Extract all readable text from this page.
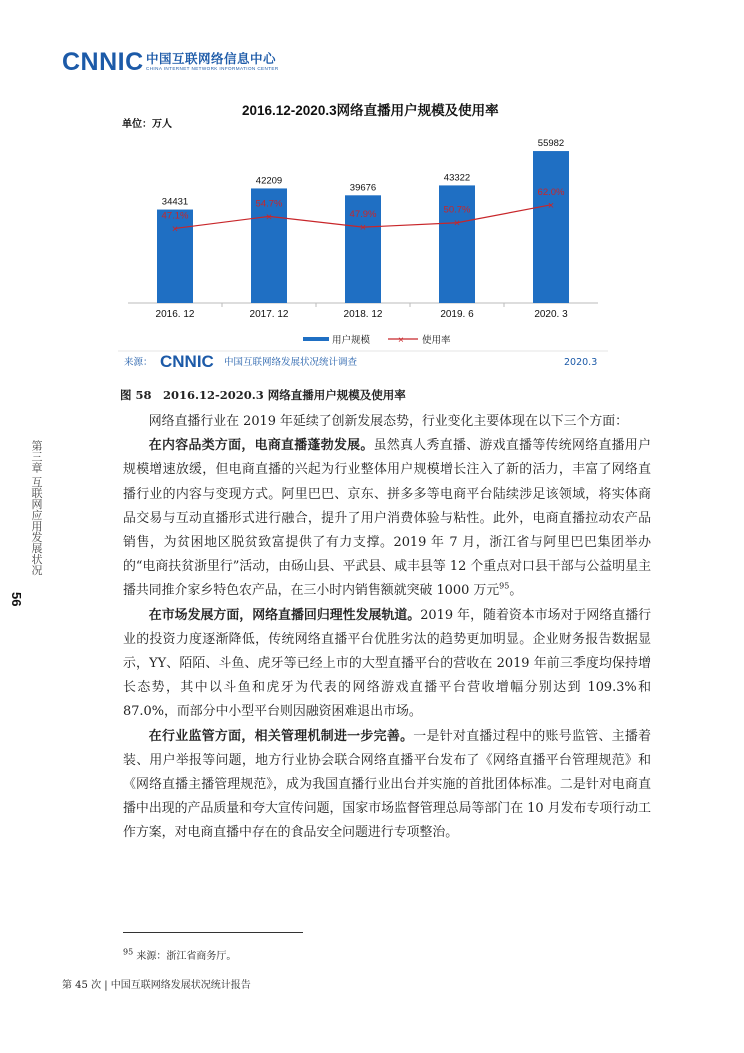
CNNIC 中国互联网络信息中心
CHINA INTERNET NETWORK INFORMATION CENTER
第三章 互联网应用发展状况
56
2016.12-2020.3网络直播用户规模及使用率
单位：万人
×
×
×	×
×
34431
47.1%
42209
54.7%
39676
47.9%
43322
50.7%
55982
62.0%
2016. 12	2017. 12	2018. 12	2019. 6	2020. 3
用户规模	× 使用率
来源： CNNIC 中国互联网络发展状况统计调查	2020.3
图 58　2016.12-2020.3 网络直播用户规模及使用率

网络直播行业在 2019 年延续了创新发展态势，行业变化主要体现在以下三个方面：

在内容品类方面，电商直播蓬勃发展。虽然真人秀直播、游戏直播等传统网络直播用户规模增速放缓，但电商直播的兴起为行业整体用户规模增长注入了新的活力，丰富了网络直播行业的内容与变现方式。阿里巴巴、京东、拼多多等电商平台陆续涉足该领域，将实体商品交易与互动直播形式进行融合，提升了用户消费体验与粘性。此外，电商直播拉动农产品销售，为贫困地区脱贫致富提供了有力支撑。2019 年 7 月，浙江省与阿里巴巴集团举办的“电商扶贫浙里行”活动，由砀山县、平武县、咸丰县等 12 个重点对口县干部与公益明星主播共同推介家乡特色农产品，在三小时内销售额就突破 1000 万元$^{95}$。

在市场发展方面，网络直播回归理性发展轨道。2019 年，随着资本市场对于网络直播行业的投资力度逐渐降低，传统网络直播平台优胜劣汰的趋势更加明显。企业财务报告数据显示，YY、陌陌、斗鱼、虎牙等已经上市的大型直播平台的营收在 2019 年前三季度均保持增长态势，其中以斗鱼和虎牙为代表的网络游戏直播平台营收增幅分别达到 109.3%和 87.0%，而部分中小型平台则因融资困难退出市场。

在行业监管方面，相关管理机制进一步完善。一是针对直播过程中的账号监管、主播着装、用户举报等问题，地方行业协会联合网络直播平台发布了《网络直播平台管理规范》和《网络直播主播管理规范》，成为我国直播行业出台并实施的首批团体标准。二是针对电商直播中出现的产品质量和夸大宣传问题，国家市场监督管理总局等部门在 10 月发布专项行动工作方案，对电商直播中存在的食品安全问题进行专项整治。

$^{95}$ 来源：浙江省商务厅。
第 45 次 | 中国互联网络发展状况统计报告
